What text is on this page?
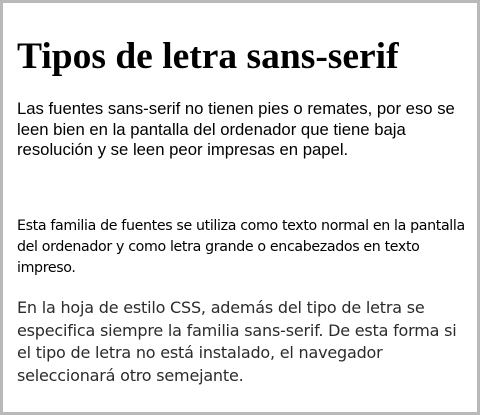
Tipos de letra sans-serif

Las fuentes sans-serif no tienen pies o remates, por eso se leen bien en la pantalla del ordenador que tiene baja resolución y se leen peor impresas en papel.

Esta familia de fuentes se utiliza como texto normal en la pantalla del ordenador y como letra grande o encabezados en texto impreso.

En la hoja de estilo CSS, además del tipo de letra se especifica siempre la familia sans-serif. De esta forma si el tipo de letra no está instalado, el navegador seleccionará otro semejante.
